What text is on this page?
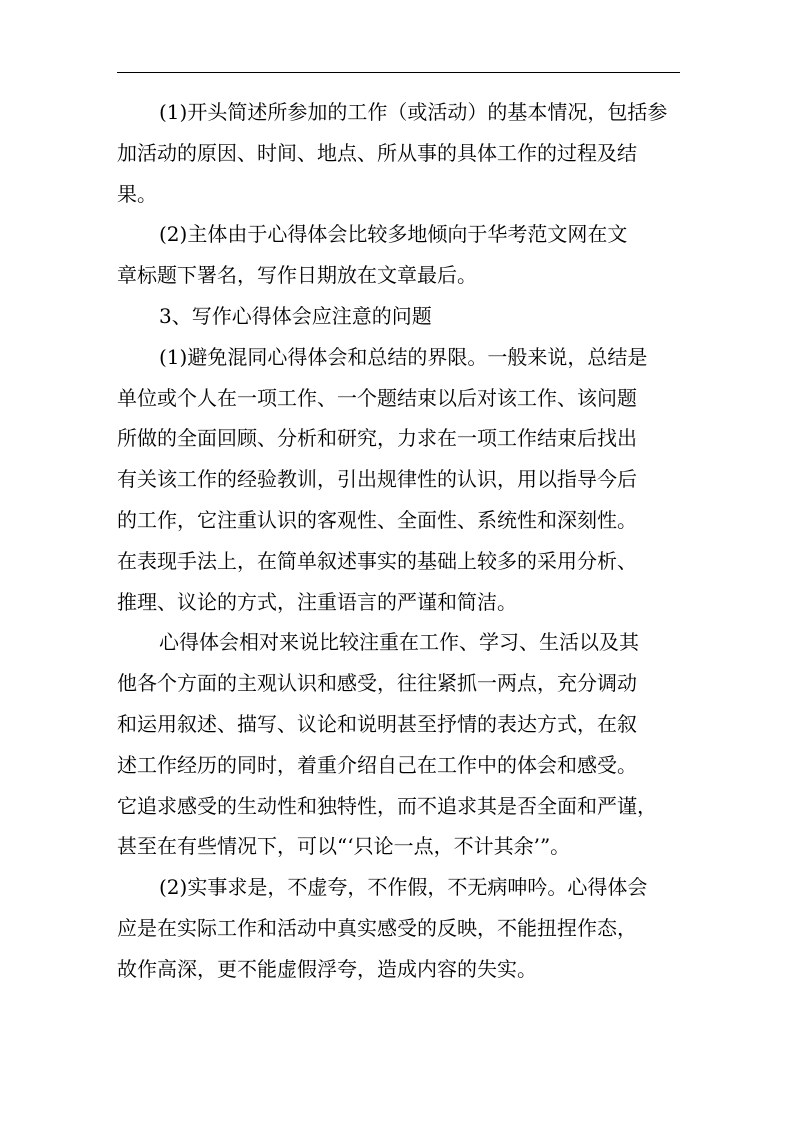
(1)开头简述所参加的工作（或活动）的基本情况，包括参
加活动的原因、时间、地点、所从事的具体工作的过程及结
果。
(2)主体由于心得体会比较多地倾向于华考范文网在文
章标题下署名，写作日期放在文章最后。
3、写作心得体会应注意的问题
(1)避免混同心得体会和总结的界限。一般来说，总结是
单位或个人在一项工作、一个题结束以后对该工作、该问题
所做的全面回顾、分析和研究，力求在一项工作结束后找出
有关该工作的经验教训，引出规律性的认识，用以指导今后
的工作，它注重认识的客观性、全面性、系统性和深刻性。
在表现手法上，在简单叙述事实的基础上较多的采用分析、
推理、议论的方式，注重语言的严谨和简洁。
心得体会相对来说比较注重在工作、学习、生活以及其
他各个方面的主观认识和感受，往往紧抓一两点，充分调动
和运用叙述、描写、议论和说明甚至抒情的表达方式，在叙
述工作经历的同时，着重介绍自己在工作中的体会和感受。
它追求感受的生动性和独特性，而不追求其是否全面和严谨，
甚至在有些情况下，可以“‘只论一点，不计其余’”。
(2)实事求是，不虚夸，不作假，不无病呻吟。心得体会
应是在实际工作和活动中真实感受的反映，不能扭捏作态，
故作高深，更不能虚假浮夸，造成内容的失实。
